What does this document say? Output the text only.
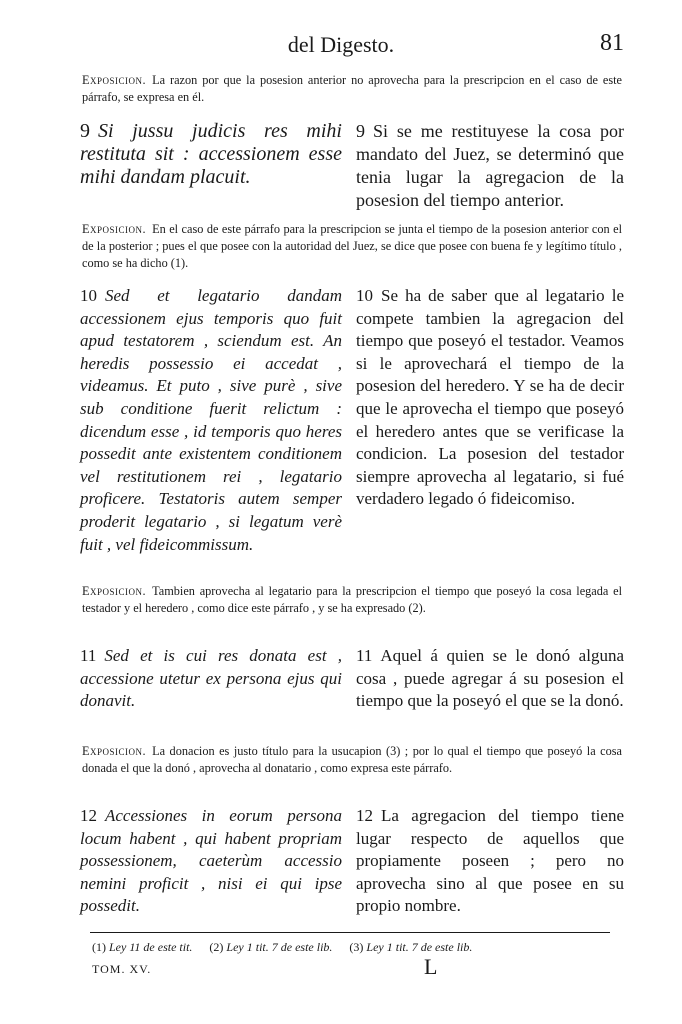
del Digesto.	81
Exposicion. La razon por que la posesion anterior no aprovecha para la prescripcion en el caso de este párrafo, se expresa en él.
9 Si jussu judicis res mihi restituta sit : accessionem esse mihi dandam placuit.
9 Si se me restituyese la cosa por mandato del Juez, se determinó que tenia lugar la agregacion de la posesion del tiempo anterior.
Exposicion. En el caso de este párrafo para la prescripcion se junta el tiempo de la posesion anterior con el de la posterior ; pues el que posee con la autoridad del Juez, se dice que posee con buena fe y legítimo título , como se ha dicho (1).
10 Sed et legatario dandam accessionem ejus temporis quo fuit apud testatorem , sciendum est. An heredis possessio ei accedat , videamus. Et puto , sive purè , sive sub conditione fuerit relictum : dicendum esse , id temporis quo heres possedit ante existentem conditionem vel restitutionem rei , legatario proficere. Testatoris autem semper proderit legatario , si legatum verè fuit , vel fideicommissum.
10 Se ha de saber que al legatario le compete tambien la agregacion del tiempo que poseyó el testador. Veamos si le aprovechará el tiempo de la posesion del heredero. Y se ha de decir que le aprovecha el tiempo que poseyó el heredero antes que se verificase la condicion. La posesion del testador siempre aprovecha al legatario, si fué verdadero legado ó fideicomiso.
Exposicion. Tambien aprovecha al legatario para la prescripcion el tiempo que poseyó la cosa legada el testador y el heredero , como dice este párrafo , y se ha expresado (2).
11 Sed et is cui res donata est , accessione utetur ex persona ejus qui donavit.
11 Aquel á quien se le donó alguna cosa , puede agregar á su posesion el tiempo que la poseyó el que se la donó.
Exposicion. La donacion es justo título para la usucapion (3) ; por lo qual el tiempo que poseyó la cosa donada el que la donó , aprovecha al donatario , como expresa este párrafo.
12 Accessiones in eorum persona locum habent , qui habent propriam possessionem, caeterùm accessio nemini proficit , nisi ei qui ipse possedit.
12 La agregacion del tiempo tiene lugar respecto de aquellos que propiamente poseen ; pero no aprovecha sino al que posee en su propio nombre.
(1) Ley 11 de este tit. (2) Ley 1 tit. 7 de este lib. (3) Ley 1 tit. 7 de este lib.
TOM. XV.	L
